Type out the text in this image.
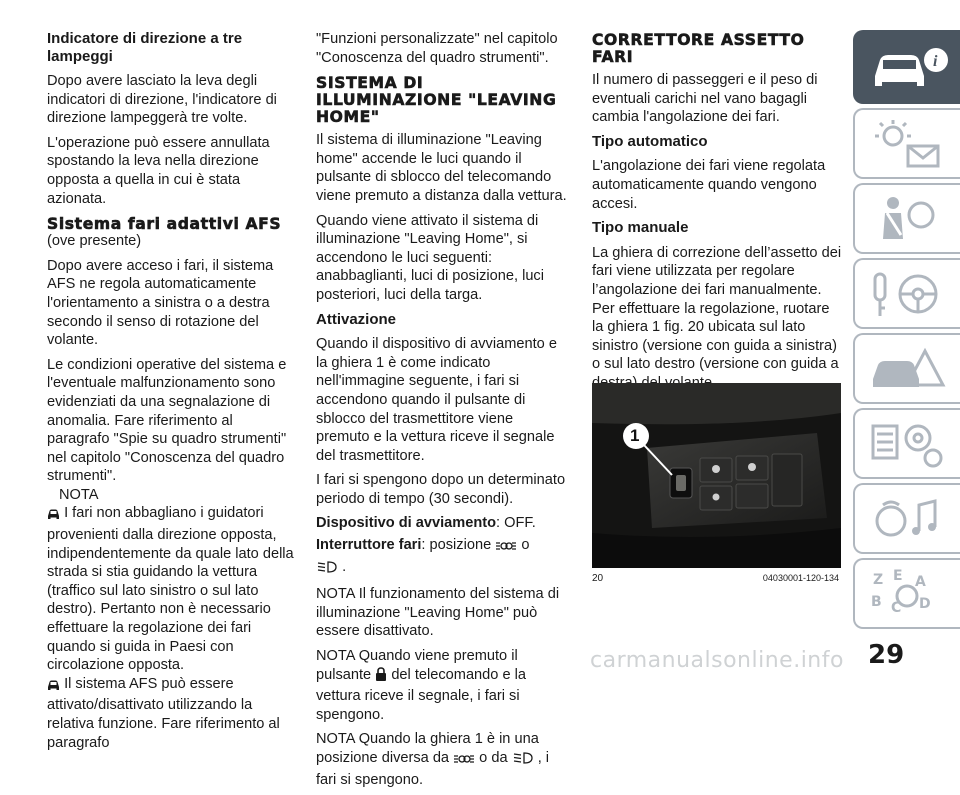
Indicatore di direzione a tre lampeggi

Dopo avere lasciato la leva degli indicatori di direzione, l'indicatore di direzione lampeggerà tre volte.

L'operazione può essere annullata spostando la leva nella direzione opposta a quella in cui è stata azionata.

Sistema fari adattivi AFS

(ove presente)

Dopo avere acceso i fari, il sistema AFS ne regola automaticamente l'orientamento a sinistra o a destra secondo il senso di rotazione del volante.

Le condizioni operative del sistema e l'eventuale malfunzionamento sono evidenziati da una segnalazione di anomalia. Fare riferimento al paragrafo "Spie su quadro strumenti" nel capitolo "Conoscenza del quadro strumenti".

NOTA

I fari non abbagliano i guidatori provenienti dalla direzione opposta, indipendentemente da quale lato della strada si stia guidando la vettura (traffico sul lato sinistro o sul lato destro). Pertanto non è necessario effettuare la regolazione dei fari quando si guida in Paesi con circolazione opposta.

Il sistema AFS può essere attivato/disattivato utilizzando la relativa funzione. Fare riferimento al paragrafo

"Funzioni personalizzate" nel capitolo "Conoscenza del quadro strumenti".

SISTEMA DI ILLUMINAZIONE "LEAVING HOME"

Il sistema di illuminazione "Leaving home" accende le luci quando il pulsante di sblocco del telecomando viene premuto a distanza dalla vettura.

Quando viene attivato il sistema di illuminazione "Leaving Home", si accendono le luci seguenti: anabbaglianti, luci di posizione, luci posteriori, luci della targa.

Attivazione

Quando il dispositivo di avviamento e la ghiera 1 è come indicato nell'immagine seguente, i fari si accendono quando il pulsante di sblocco del trasmettitore viene premuto e la vettura riceve il segnale del trasmettitore.

I fari si spengono dopo un determinato periodo di tempo (30 secondi).

Dispositivo di avviamento: OFF.

Interruttore fari: posizione o
.

NOTA Il funzionamento del sistema di illuminazione "Leaving Home" può essere disattivato.

NOTA Quando viene premuto il pulsante del telecomando e la vettura riceve il segnale, i fari si spengono.

NOTA Quando la ghiera 1 è in una posizione diversa da o da , i fari si spengono.

CORRETTORE ASSETTO FARI

Il numero di passeggeri e il peso di eventuali carichi nel vano bagagli cambia l'angolazione dei fari.

Tipo automatico

L'angolazione dei fari viene regolata automaticamente quando vengono accesi.

Tipo manuale

La ghiera di correzione dell’assetto dei fari viene utilizzata per regolare l’angolazione dei fari manualmente. Per effettuare la regolazione, ruotare la ghiera 1 fig. 20 ubicata sul lato sinistro (versione con guida a sinistra) o sul lato destro (versione con guida a

1
20	04030001-120-134
i
Z E A
B C D
carmanualsonline.info 29
